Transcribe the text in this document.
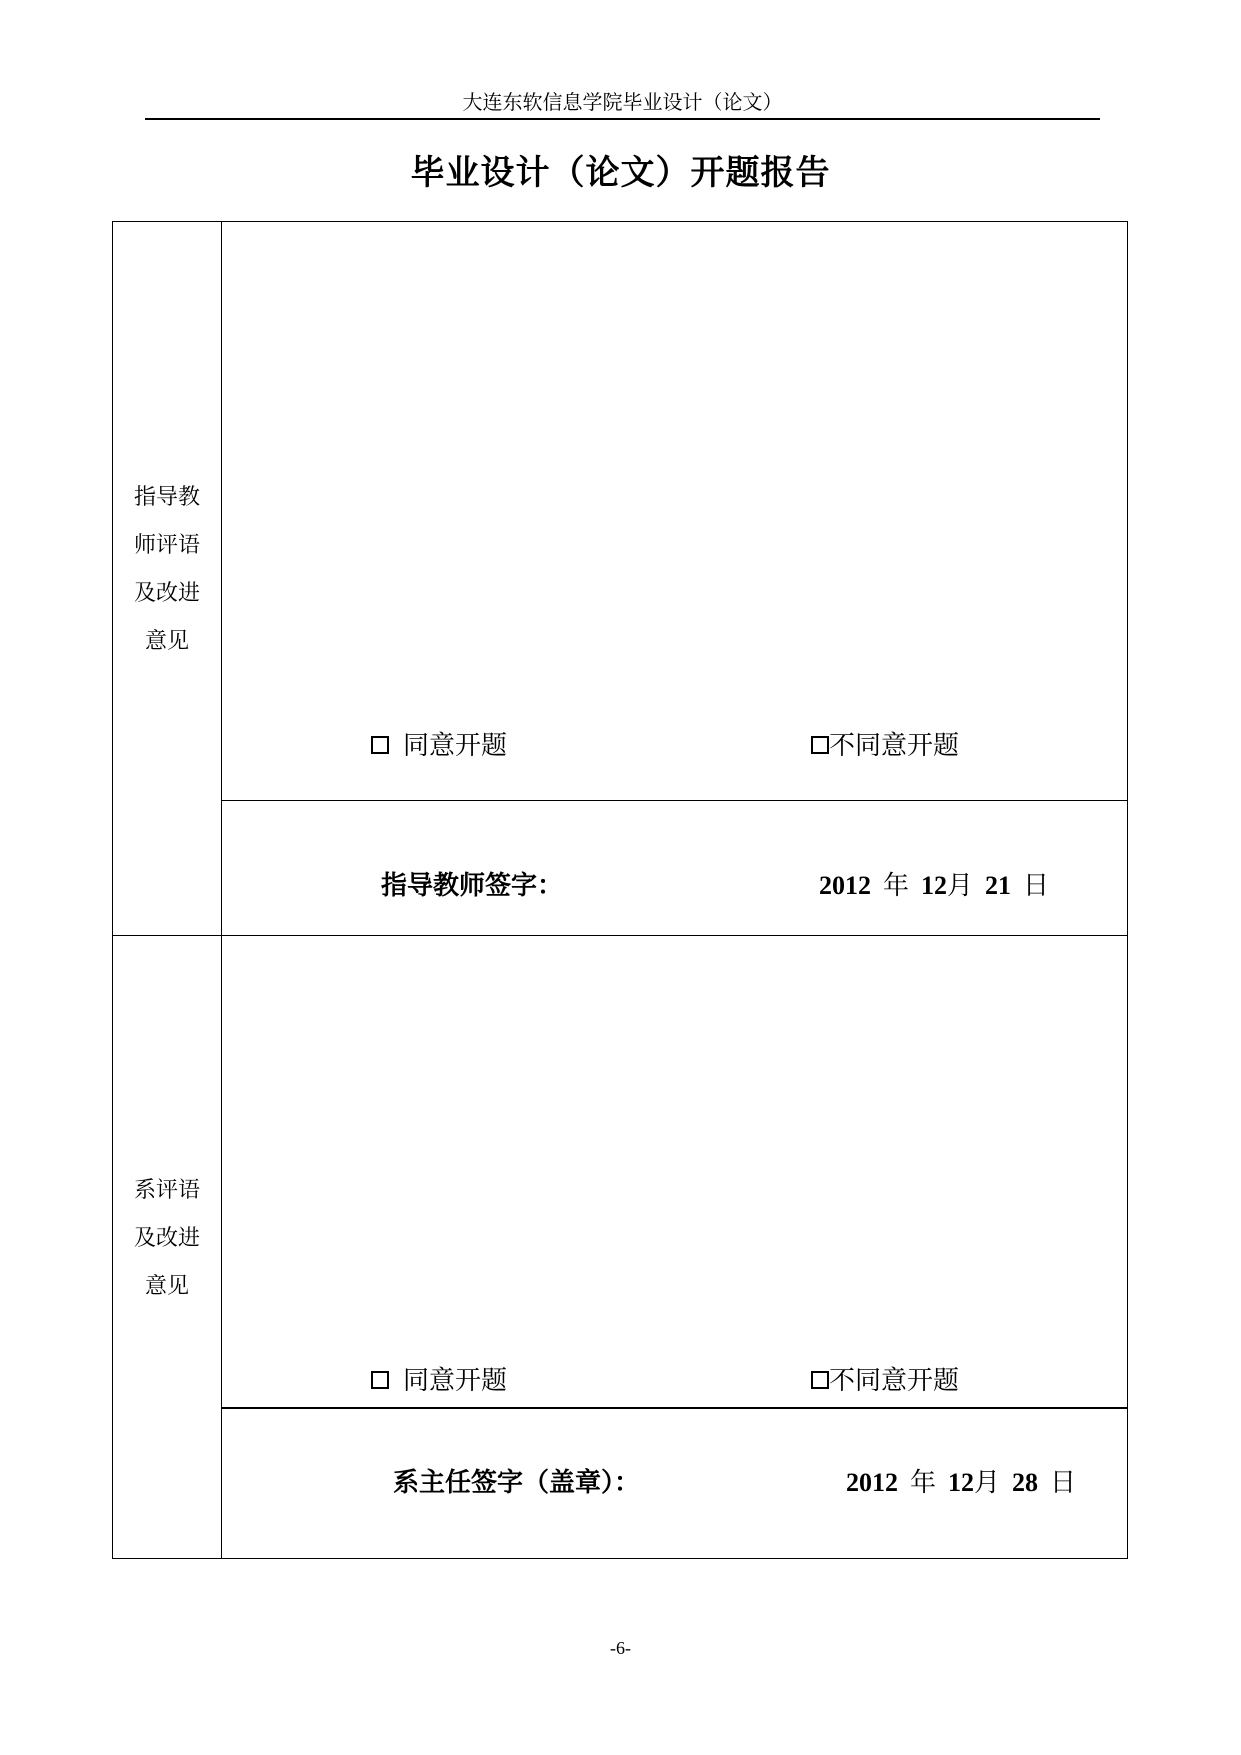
大连东软信息学院毕业设计（论文）
毕业设计（论文）开题报告
指导教
师评语
及改进
意见
同意开题	不同意开题
指导教师签字：	2012 年 12月 21 日
系评语
及改进
意见
同意开题	不同意开题
系主任签字（盖章）：	2012 年 12月 28 日
-6-
